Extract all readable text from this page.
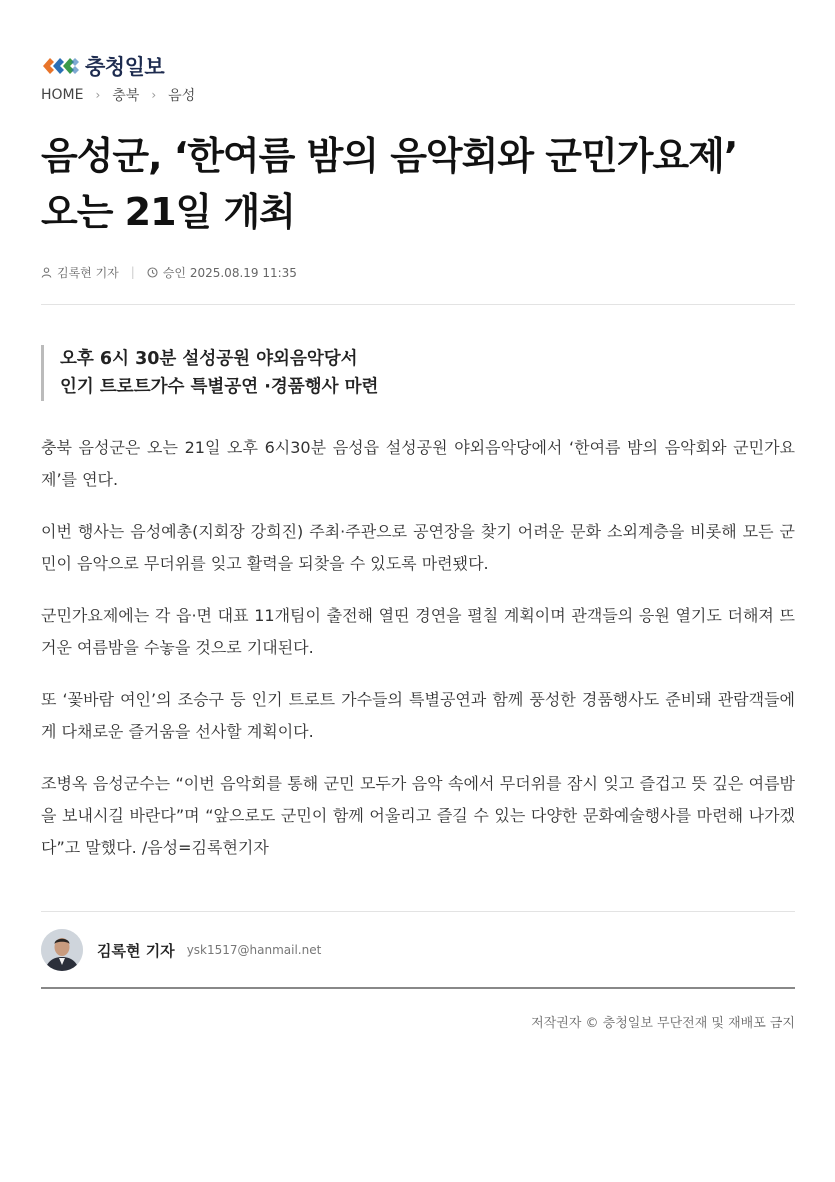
충청일보
HOME › 충북 › 음성
음성군, ‘한여름 밤의 음악회와 군민가요제’
오는 21일 개최
김록현 기자 | 승인 2025.08.19 11:35
오후 6시 30분 설성공원 야외음악당서
인기 트로트가수 특별공연 ·경품행사 마련

충북 음성군은 오는 21일 오후 6시30분 음성읍 설성공원 야외음악당에서 ‘한여름 밤의 음악회와 군민가요제’를 연다.

이번 행사는 음성예총(지회장 강희진) 주최·주관으로 공연장을 찾기 어려운 문화 소외계층을 비롯해 모든 군민이 음악으로 무더위를 잊고 활력을 되찾을 수 있도록 마련됐다.

군민가요제에는 각 읍·면 대표 11개팀이 출전해 열띤 경연을 펼칠 계획이며 관객들의 응원 열기도 더해져 뜨거운 여름밤을 수놓을 것으로 기대된다.

또 ‘꽃바람 여인’의 조승구 등 인기 트로트 가수들의 특별공연과 함께 풍성한 경품행사도 준비돼 관람객들에게 다채로운 즐거움을 선사할 계획이다.

조병옥 음성군수는 “이번 음악회를 통해 군민 모두가 음악 속에서 무더위를 잠시 잊고 즐겁고 뜻 깊은 여름밤을 보내시길 바란다”며 “앞으로도 군민이 함께 어울리고 즐길 수 있는 다양한 문화예술행사를 마련해 나가겠다”고 말했다. /음성=김록현기자

김록현 기자 ysk1517@hanmail.net
저작권자 © 충청일보 무단전재 및 재배포 금지
